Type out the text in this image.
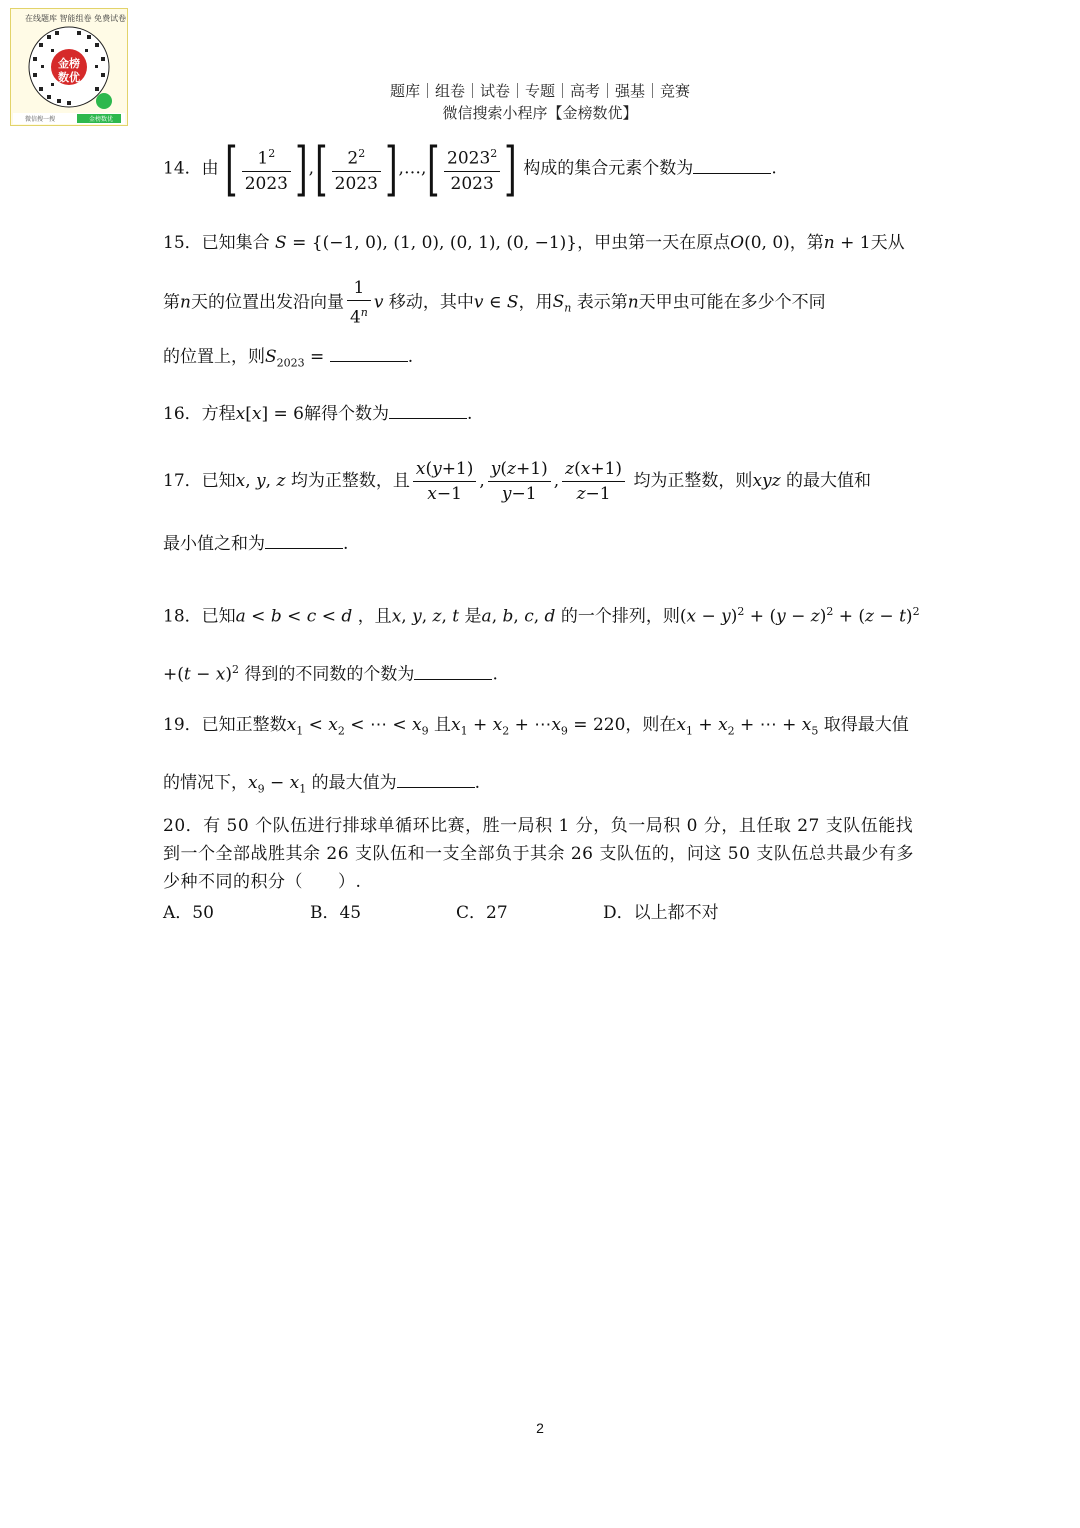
在线题库 智能组卷 免费试卷
金榜
数优
微信搜一搜	金榜数优
题库｜组卷｜试卷｜专题｜高考｜强基｜竞赛
微信搜索小程序【金榜数优】
14．由 [ $\frac{1^2}{2023}$ ],[ $\frac{2^2}{2023}$ ],…,[ $\frac{2023^2}{2023}$ ] 构成的集合元素个数为	.
15．已知集合 S = {(−1, 0), (1, 0), (0, 1), (0, −1)}，甲虫第一天在原点O(0, 0)，第n + 1天从
第n天的位置出发沿向量 $\frac{1}{4^n}$ v 移动，其中v ∈ S，用$S_n$ 表示第n天甲虫可能在多少个不同
的位置上，则$S_{2023}$ =	.
16．方程x[x] = 6解得个数为	.
17．已知x, y, z 均为正整数，且 $\frac{x(y+1)}{x-1}$ , $\frac{y(z+1)}{y-1}$ , $\frac{z(x+1)}{z-1}$ 均为正整数，则xyz 的最大值和
最小值之和为	.
18．已知a < b < c < d ，且x, y, z, t 是a, b, c, d 的一个排列，则$(x - y)^2 + (y - z)^2 + (z - t)^2$
$+(t - x)^2$ 得到的不同数的个数为	.
19．已知正整数$x_1 < x_2$ < ⋯ < $x_9$ 且$x_1 + x_2$ + $\cdots x_9 = 220$，则在$x_1 + x_2$ + ⋯ + $x_5$ 取得最大值
的情况下，$x_9 - x_1$ 的最大值为	.
20．有 50 个队伍进行排球单循环比赛，胜一局积 1 分，负一局积 0 分，且任取 27 支队伍能找到一个全部战胜其余 26 支队伍和一支全部负于其余 26 支队伍的，问这 50 支队伍总共最少有多少种不同的积分（　　）.
A．50	B．45	C．27	D．以上都不对
2
